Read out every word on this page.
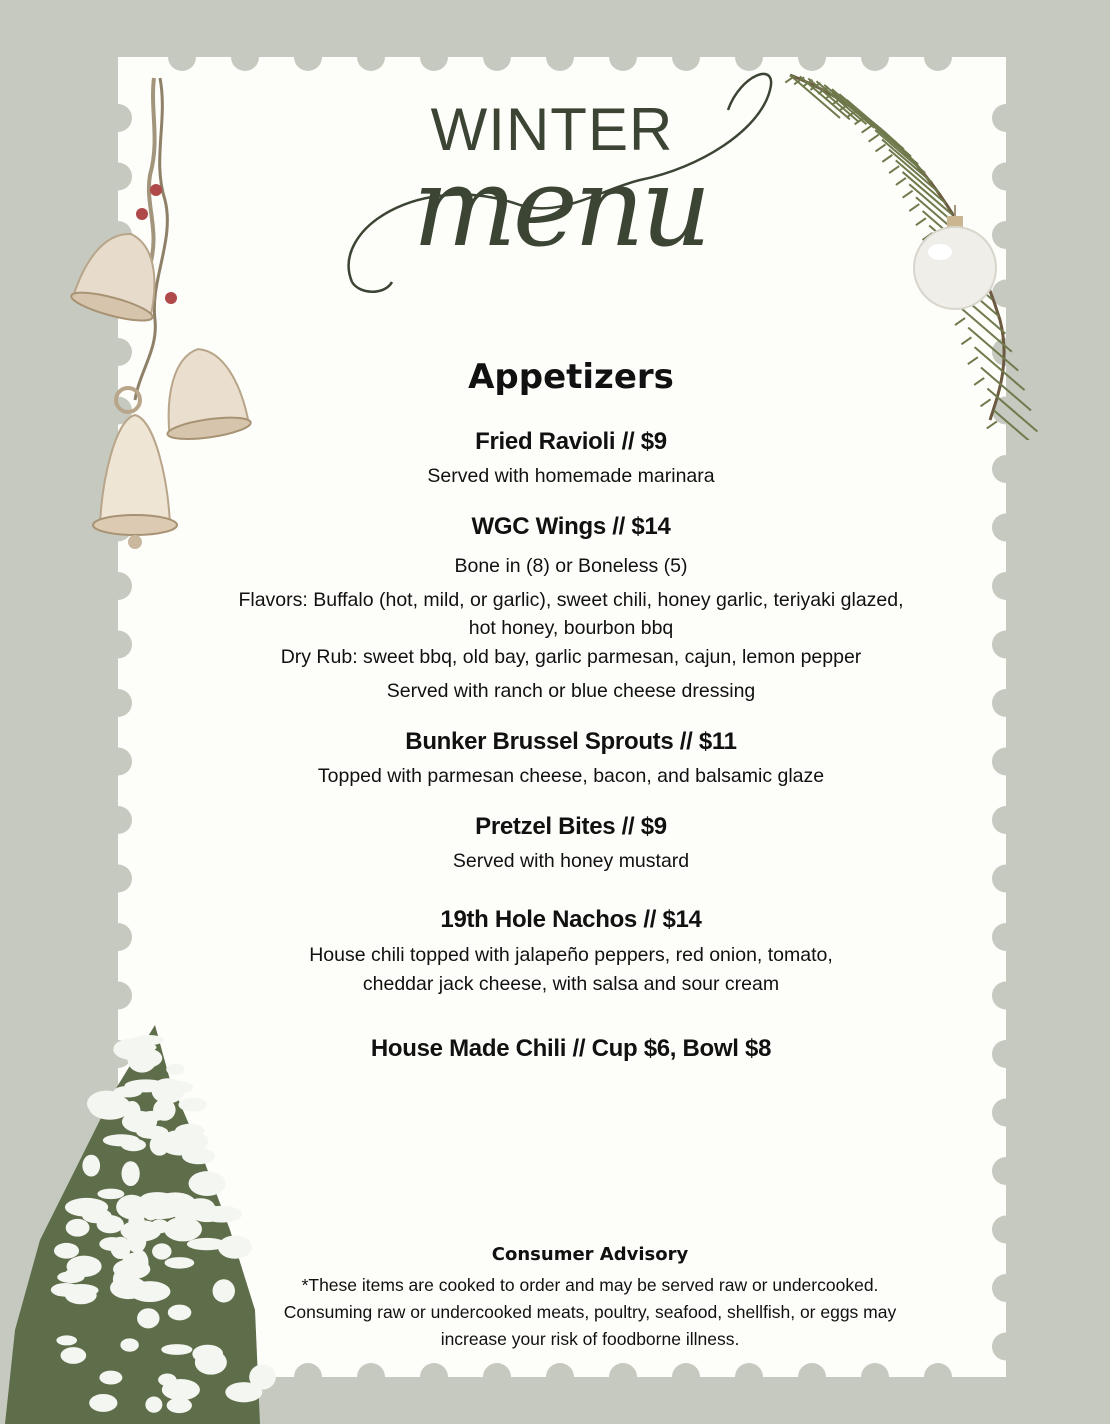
WINTER
menu
Appetizers
Fried Ravioli // $9
Served with homemade marinara
WGC Wings // $14
Bone in (8) or Boneless (5)
Flavors: Buffalo (hot, mild, or garlic), sweet chili, honey garlic, teriyaki glazed,
hot honey, bourbon bbq
Dry Rub: sweet bbq, old bay, garlic parmesan, cajun, lemon pepper
Served with ranch or blue cheese dressing
Bunker Brussel Sprouts // $11
Topped with parmesan cheese, bacon, and balsamic glaze
Pretzel Bites // $9
Served with honey mustard
19th Hole Nachos // $14
House chili topped with jalapeño peppers, red onion, tomato,
cheddar jack cheese, with salsa and sour cream
House Made Chili // Cup $6, Bowl $8
Consumer Advisory
*These items are cooked to order and may be served raw or undercooked.
Consuming raw or undercooked meats, poultry, seafood, shellfish, or eggs may
increase your risk of foodborne illness.
